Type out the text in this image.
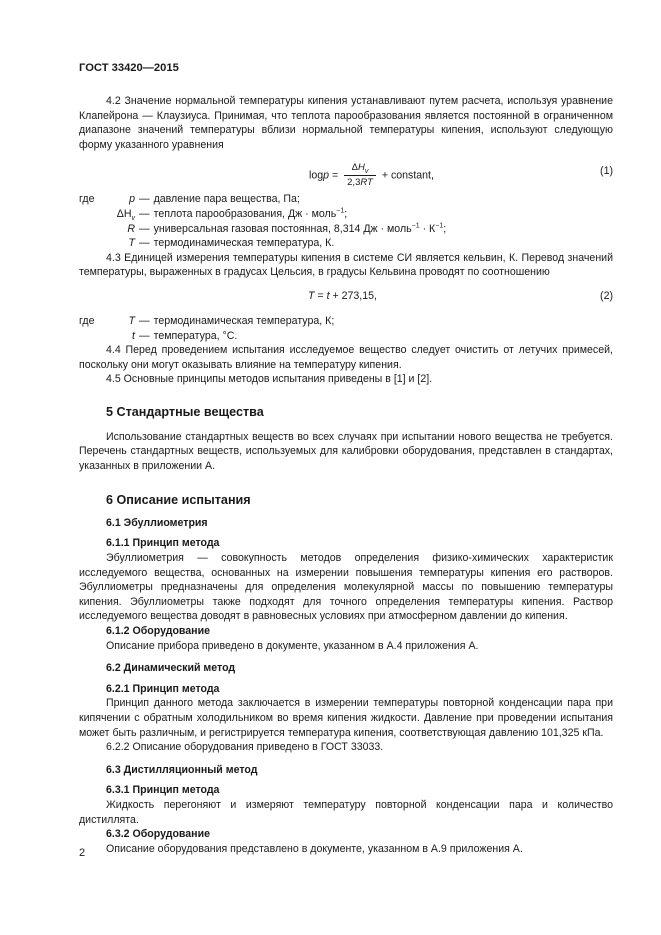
ГОСТ 33420—2015

4.2 Значение нормальной температуры кипения устанавливают путем расчета, используя уравнение Клапейрона — Клаузиуса. Принимая, что теплота парообразования является постоянной в ограниченном диапазоне значений температуры вблизи нормальной температуры кипения, используют следующую форму указанного уравнения

$\log p = \frac{\Delta H_v}{2,3RT}$ + constant,	(1)
где	p — давление пара вещества, Па;
$\Delta H_v$ — теплота парообразования, Дж · моль$^{-1}$;
R — универсальная газовая постоянная, 8,314 Дж · моль$^{-1}$ · $К^{-1}$;
T — термодинамическая температура, К.

4.3 Единицей измерения температуры кипения в системе СИ является кельвин, К. Перевод значений температуры, выраженных в градусах Цельсия, в градусы Кельвина проводят по соотношению

T = t + 273,15,	(2)
где	T — термодинамическая температура, К;
t — температура, °С.

4.4 Перед проведением испытания исследуемое вещество следует очистить от летучих примесей, поскольку они могут оказывать влияние на температуру кипения.

4.5 Основные принципы методов испытания приведены в [1] и [2].

5 Стандартные вещества

Использование стандартных веществ во всех случаях при испытании нового вещества не требуется. Перечень стандартных веществ, используемых для калибровки оборудования, представлен в стандартах, указанных в приложении А.

6 Описание испытания
6.1 Эбуллиометрия
6.1.1 Принцип метода

Эбуллиометрия — совокупность методов определения физико-химических характеристик исследуемого вещества, основанных на измерении повышения температуры кипения его растворов. Эбуллиометры предназначены для определения молекулярной массы по повышению температуры кипения. Эбуллиометры также подходят для точного определения температуры кипения. Раствор исследуемого вещества доводят в равновесных условиях при атмосферном давлении до кипения.

6.1.2 Оборудование

Описание прибора приведено в документе, указанном в А.4 приложения А.

6.2 Динамический метод
6.2.1 Принцип метода

Принцип данного метода заключается в измерении температуры повторной конденсации пара при кипячении с обратным холодильником во время кипения жидкости. Давление при проведении испытания может быть различным, и регистрируется температура кипения, соответствующая давлению 101,325 кПа.

6.2.2 Описание оборудования приведено в ГОСТ 33033.

6.3 Дистилляционный метод
6.3.1 Принцип метода

Жидкость перегоняют и измеряют температуру повторной конденсации пара и количество дистиллята.

6.3.2 Оборудование

Описание оборудования представлено в документе, указанном в А.9 приложения А.

2
